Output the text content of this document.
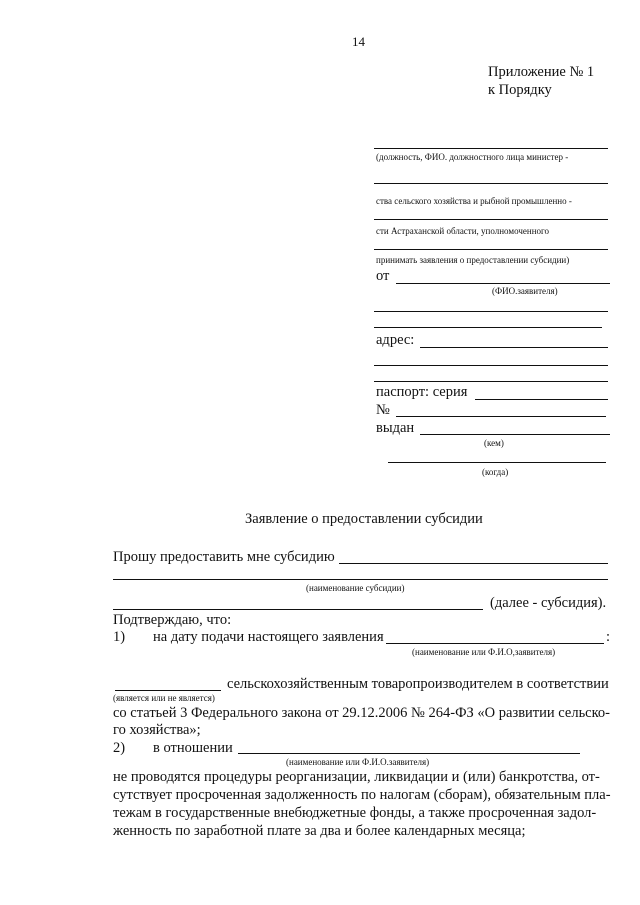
14
Приложение № 1
к Порядку
(должность, ФИО. должностного лица министер -
ства сельского хозяйства и рыбной промышленно -
сти Астраханской области, уполномоченного
принимать заявления о предоставлении субсидии)
от
(ФИО.заявителя)
адрес:
паспорт: серия
№
выдан
(кем)
(когда)
Заявление о предоставлении субсидии
Прошу предоставить мне субсидию
(наименование субсидии)
(далее - субсидия).
Подтверждаю, что:
1) на дату подачи настоящего заявления	:
(наименование или Ф.И.О,заявителя)
сельскохозяйственным товаропроизводителем в соответствии
(является или не является)
со статьей 3 Федерального закона от 29.12.2006 № 264-ФЗ «О развитии сельско-
го хозяйства»;
2) в отношении
(наименование или Ф.И.О.заявителя)
не проводятся процедуры реорганизации, ликвидации и (или) банкротства, от-
сутствует просроченная задолженность по налогам (сборам), обязательным пла-
тежам в государственные внебюджетные фонды, а также просроченная задол-
женность по заработной плате за два и более календарных месяца;
